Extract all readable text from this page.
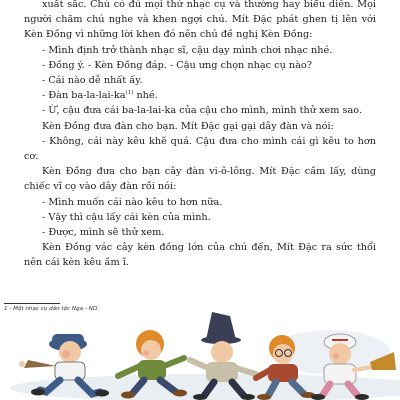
xuất sắc. Chú có đủ mọi thứ nhạc cụ và thường hay biểu diễn. Mọi người chăm chú nghe và khen ngợi chú. Mít Đặc phát ghen tị lên với Kèn Đồng vì những lời khen đó nên chú đề nghị Kèn Đồng:

- Mình định trở thành nhạc sĩ, cậu dạy mình chơi nhạc nhé.

- Đồng ý. - Kèn Đồng đáp. - Cậu ưng chọn nhạc cụ nào?

- Cái nào dễ nhất ấy.

- Đàn $ba-la-lai-ka^{(1)}$ nhé.

- Ừ, cậu đưa cái ba-la-lai-ka của cậu cho mình, mình thử xem sao.

Kèn Đồng đưa đàn cho bạn. Mít Đặc gại gại dây đàn và nói:

- Không, cái này kêu khẽ quá. Cậu đưa cho mình cái gì kêu to hơn cơ.

Kèn Đồng đưa cho bạn cây đàn vi-ô-lông. Mít Đặc cầm lấy, dùng chiếc vĩ cọ vào dây đàn rồi nói:

- Mình muốn cái nào kêu to hơn nữa.

- Vậy thì cậu lấy cái kèn của mình.

- Được, mình sẽ thử xem.

Kèn Đồng vác cây kèn đồng lớn của chú đến, Mít Đặc ra sức thổi nên cái kèn kêu ầm ĩ.

1 - Một nhạc cụ dân tộc Nga - ND.
